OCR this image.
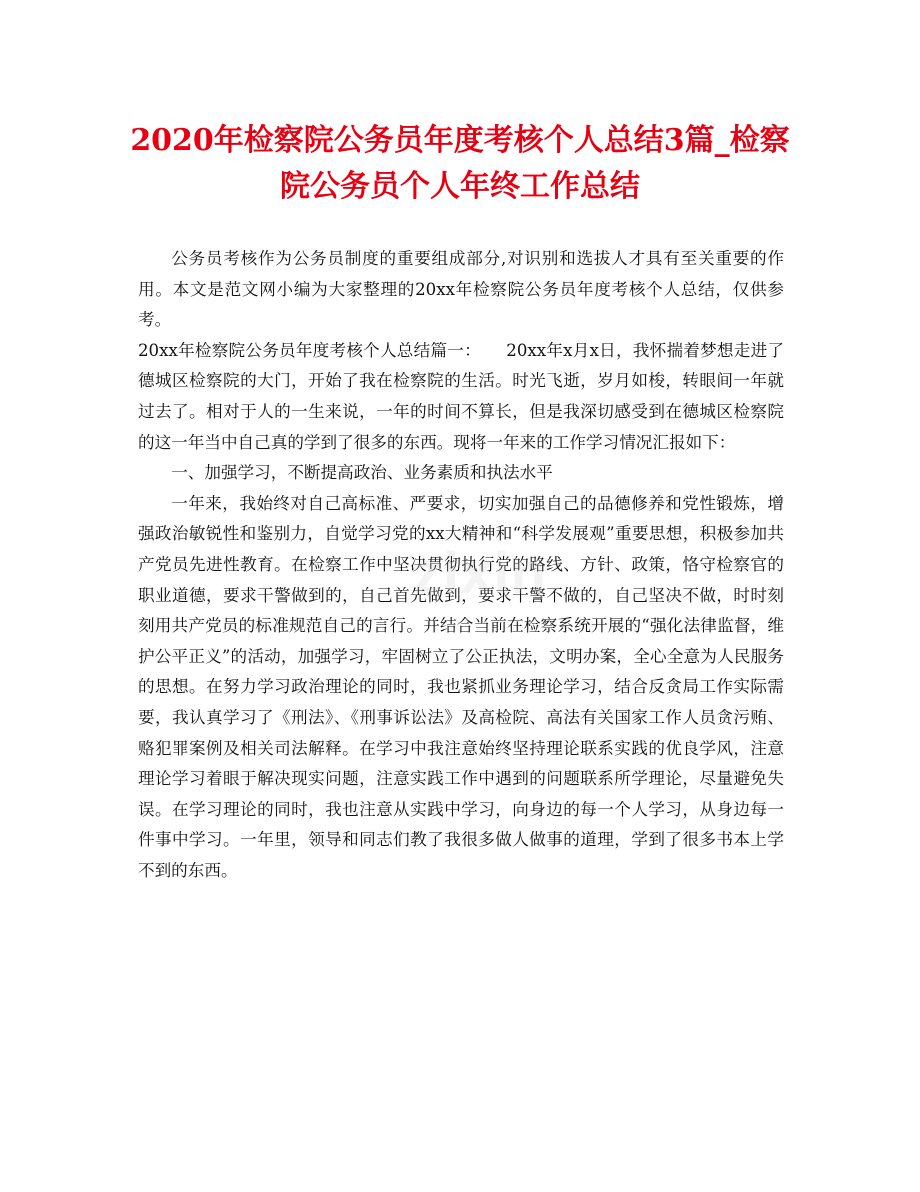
2020年检察院公务员年度考核个人总结3篇_检察院公务员个人年终工作总结

公务员考核作为公务员制度的重要组成部分,对识别和选拔人才具有至关重要的作用。本文是范文网小编为大家整理的20xx年检察院公务员年度考核个人总结，仅供参考。

20xx年检察院公务员年度考核个人总结篇一：　　20xx年x月x日，我怀揣着梦想走进了德城区检察院的大门，开始了我在检察院的生活。时光飞逝，岁月如梭，转眼间一年就过去了。相对于人的一生来说，一年的时间不算长，但是我深切感受到在德城区检察院的这一年当中自己真的学到了很多的东西。现将一年来的工作学习情况汇报如下：

一、加强学习，不断提高政治、业务素质和执法水平

一年来，我始终对自己高标准、严要求，切实加强自己的品德修养和党性锻炼，增强政治敏锐性和鉴别力，自觉学习党的xx大精神和“科学发展观”重要思想，积极参加共产党员先进性教育。在检察工作中坚决贯彻执行党的路线、方针、政策，恪守检察官的职业道德，要求干警做到的，自己首先做到，要求干警不做的，自己坚决不做，时时刻刻用共产党员的标准规范自己的言行。并结合当前在检察系统开展的“强化法律监督，维护公平正义”的活动，加强学习，牢固树立了公正执法，文明办案，全心全意为人民服务的思想。在努力学习政治理论的同时，我也紧抓业务理论学习，结合反贪局工作实际需要，我认真学习了《刑法》、《刑事诉讼法》及高检院、高法有关国家工作人员贪污贿、赂犯罪案例及相关司法解释。在学习中我注意始终坚持理论联系实践的优良学风，注意理论学习着眼于解决现实问题，注意实践工作中遇到的问题联系所学理论，尽量避免失误。在学习理论的同时，我也注意从实践中学习，向身边的每一个人学习，从身边每一件事中学习。一年里，领导和同志们教了我很多做人做事的道理，学到了很多书本上学不到的东西。

zixin
